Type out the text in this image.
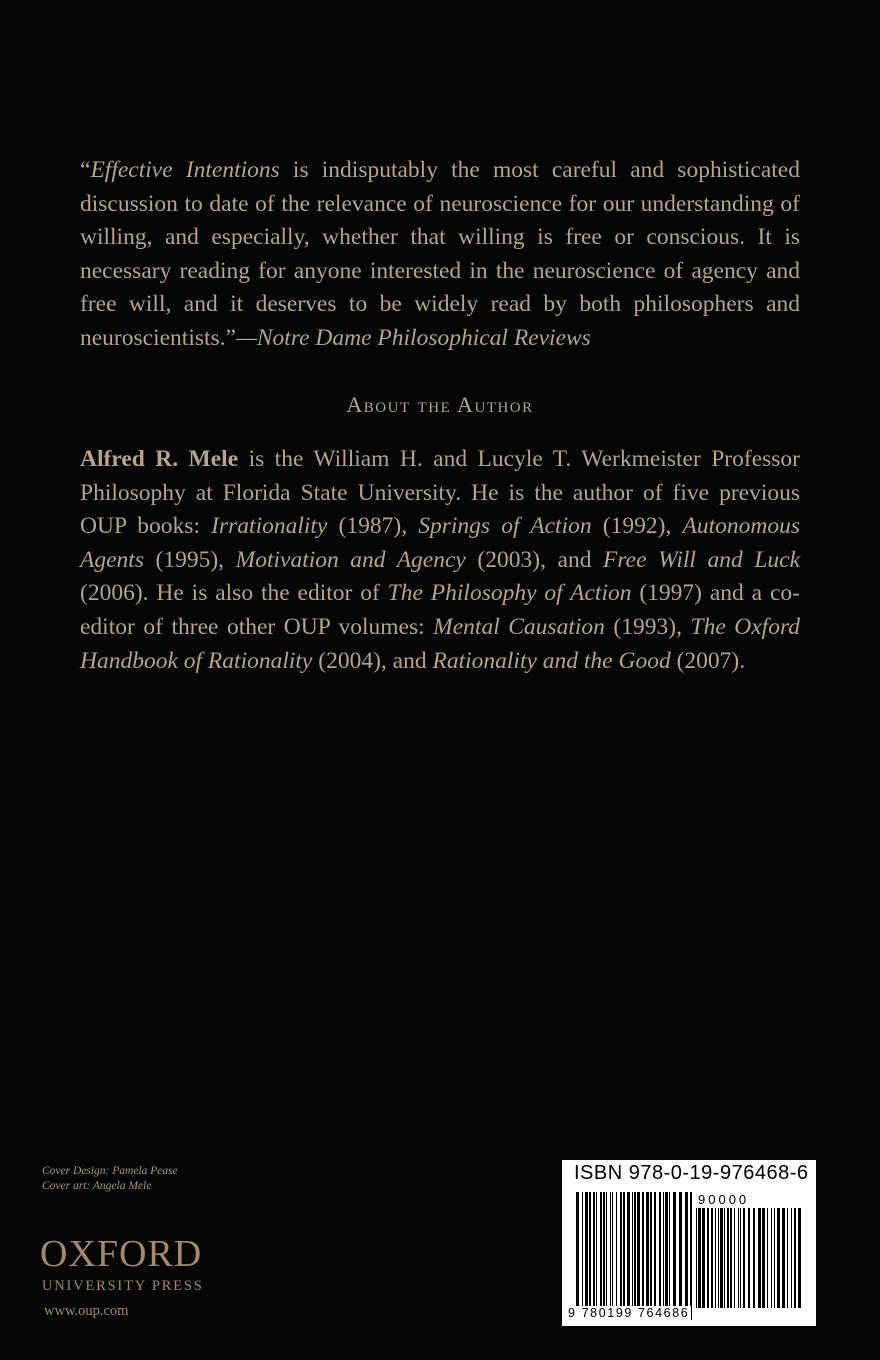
“Effective Intentions is indisputably the most careful and sophisticated discussion to date of the relevance of neuroscience for our understanding of willing, and especially, whether that willing is free or conscious. It is necessary reading for anyone interested in the neuroscience of agency and free will, and it deserves to be widely read by both philosophers and neuroscientists.”—Notre Dame Philosophical Reviews

About the Author

Alfred R. Mele is the William H. and Lucyle T. Werkmeister Professor Philosophy at Florida State University. He is the author of five previous OUP books: Irrationality (1987), Springs of Action (1992), Autonomous Agents (1995), Motivation and Agency (2003), and Free Will and Luck (2006). He is also the editor of The Philosophy of Action (1997) and a co-editor of three other OUP volumes: Mental Causation (1993), The Oxford Handbook of Rationality (2004), and Rationality and the Good (2007).

Cover Design: Pamela Pease
Cover art: Angela Mele
OXFORD
UNIVERSITY PRESS
www.oup.com
ISBN 978-0-19-976468-6
90000
9 780199 764686
